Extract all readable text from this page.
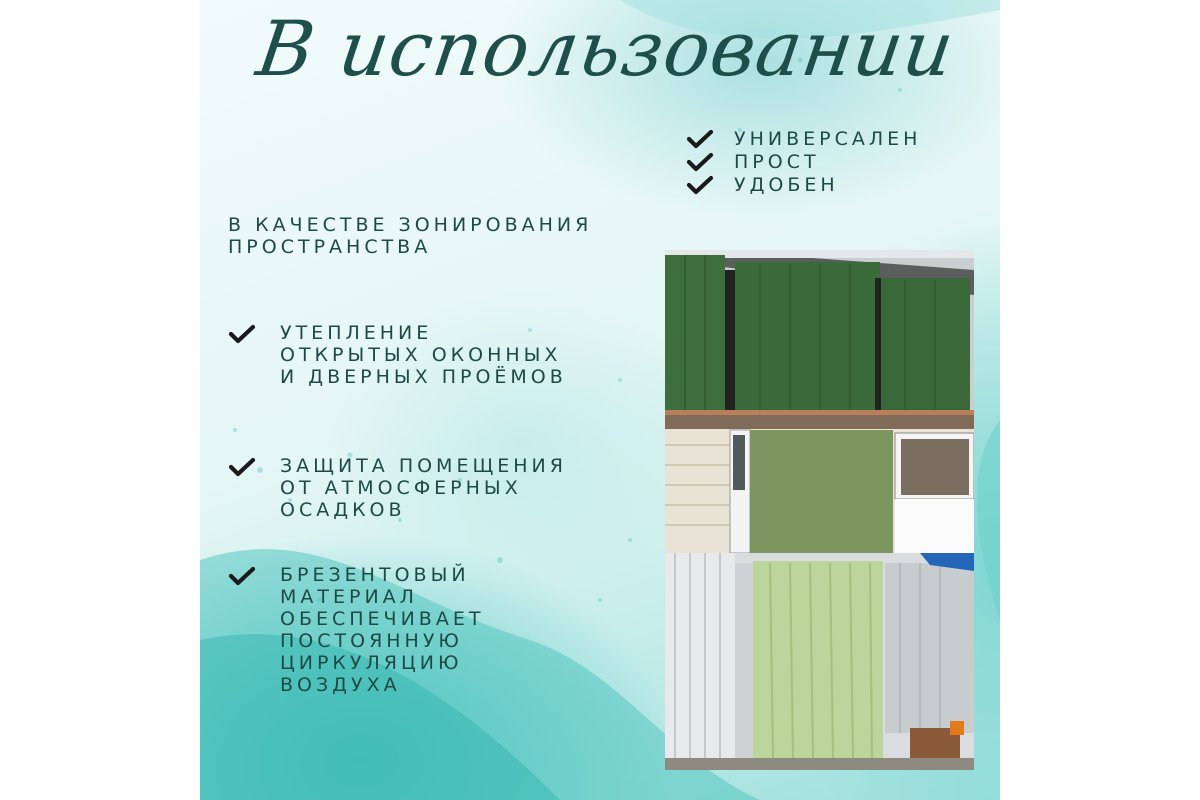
В использовании
УНИВЕРСАЛЕН
ПРОСТ
УДОБЕН
В КАЧЕСТВЕ ЗОНИРОВАНИЯ ПРОСТРАНСТВА
УТЕПЛЕНИЕ ОТКРЫТЫХ ОКОННЫХ И ДВЕРНЫХ ПРОЁМОВ
ЗАЩИТА ПОМЕЩЕНИЯ ОТ АТМОСФЕРНЫХ ОСАДКОВ
БРЕЗЕНТОВЫЙ МАТЕРИАЛ ОБЕСПЕЧИВАЕТ ПОСТОЯННУЮ ЦИРКУЛЯЦИЮ ВОЗДУХА
